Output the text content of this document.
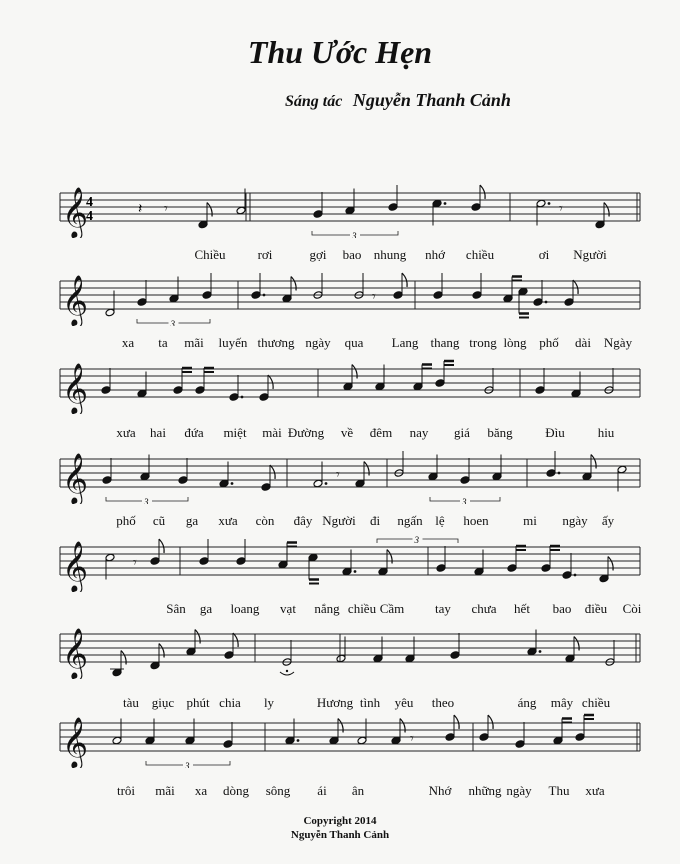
Thu Ước Hẹn
Sáng tác Nguyễn Thanh Cảnh
𝄞
4
4	𝄽 𝄾	𝄾
3
Chiều rơi	gợi bao nhung nhớ chiều	ơi Người
𝄞	𝄾
3
xa ta mãi luyến thương ngày qua Lang thang trong lòng phố dài Ngày
𝄞
xưa hai đứa miệt mài Đường về đêm nay giá băng	Đìu	hiu
𝄞	𝄾
3	3
phố cũ ga xưa còn đây Người đi ngấn lệ hoen	mi ngày ấy
𝄞	𝄾
3
Sân ga loang vạt nắng chiều Cầm tay chưa hết bao điều Còi
𝄞
tàu giục phút chia ly	Hương tình yêu theo	áng mây chiều
𝄞	𝄾
3
trôi mãi xa dòng sông ái ân	Nhớ những ngày Thu xưa
Copyright 2014
Nguyễn Thanh Cảnh
